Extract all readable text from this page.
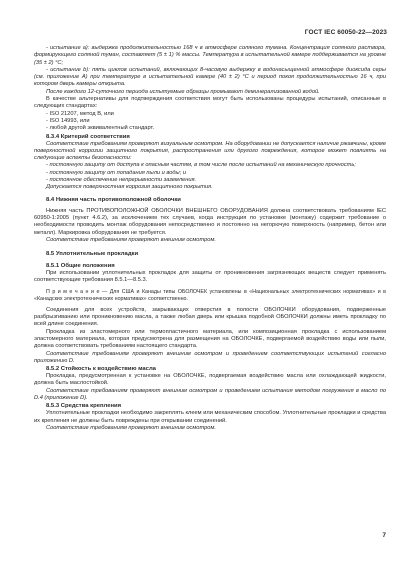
ГОСТ IEC 60050-22—2023

- испытание а): выдержка продолжительностью 168 ч в атмосфере соляного тумана. Концентрация соляного раствора, формирующего соляной туман, составляет (5 ± 1) % массы. Температура в испытательной камере поддерживается на уровне (35 ± 2) °С;

- испытание b): пять циклов испытаний, включающих 8-часовую выдержку в водонасыщенной атмосфере диоксида серы (см. приложение А) при температуре в испытательной камере (40 ± 2) °С и период покоя продолжительностью 16 ч, при котором дверь камеры открыта.

После каждого 12-суточного периода испытуемые образцы промывают деминерализованной водой.

В качестве альтернативы для подтверждения соответствия могут быть использованы процедуры испытаний, описанные в следующих стандартах:

- ISO 21207, метод В, или

- ISO 14993, или

- любой другой эквивалентный стандарт.

8.3.4 Критерий соответствия

Соответствие требованиям проверяют визуальным осмотром. На оборудовании не допускается наличие ржавчины, кроме поверхностной коррозии защитного покрытия, распространения или другого повреждения, которое может повлиять на следующие аспекты безопасности:

- постоянную защиту от доступа к опасным частям, в том числе после испытаний на механическую прочность;

- постоянную защиту от попадания пыли и воды; и

- постоянное обеспечение непрерывности заземления.

Допускается поверхностная коррозия защитного покрытия.

8.4 Нижняя часть противоположной оболочки

Нижняя часть ПРОТИВОПОЛОЖНОЙ ОБОЛОЧКИ ВНЕШНЕГО ОБОРУДОВАНИЯ должна соответствовать требованиям IEC 60950-1:2005 (пункт 4.6.2), за исключением тех случаев, когда инструкция по установке (монтажу) содержит требование о необходимости проводить монтаж оборудования непосредственно и постоянно на негорючую поверхность (например, бетон или металл). Маркировка оборудования не требуется.

Соответствие требованиям проверяют внешним осмотром.

8.5 Уплотнительные прокладки
8.5.1 Общие положения

При использовании уплотнительных прокладок для защиты от проникновения загрязняющих веществ следует применять соответствующие требования 8.5.1—8.5.3.

П р и м е ч а н и е — Для США и Канады типы ОБОЛОЧЕК установлены в «Национальных электротехнических нормативах» и в «Канадских электротехнических нормативах» соответственно.

Соединения для всех устройств, закрывающих отверстия в полости ОБОЛОЧКИ оборудования, подверженные разбрызгиванию или проникновению масла, а также любая дверь или крышка подобной ОБОЛОЧКИ должны иметь прокладку по всей длине соединения.

Прокладка из эластомерного или термопластичного материала, или композиционная прокладка с использованием эластомерного материала, которая предусмотрена для размещения на ОБОЛОЧКЕ, подвергаемой воздействию воды или пыли, должна соответствовать требованиям настоящего стандарта.

Соответствие требованиям проверяют внешним осмотром и проведением соответствующих испытаний согласно приложению D.

8.5.2 Стойкость к воздействию масла

Прокладка, предусмотренная к установке на ОБОЛОЧКЕ, подвергаемая воздействию масла или охлаждающей жидкости, должна быть маслостойкой.

Соответствие требованиям проверяют внешним осмотром и проведением испытания методом погружения в масло по D.4 (приложение D).

8.5.3 Средства крепления

Уплотнительные прокладки необходимо закреплять клеем или механическим способом. Уплотнительные прокладки и средства их крепления не должны быть повреждены при открывании соединений.

Соответствие требованиям проверяют внешним осмотром.

7
